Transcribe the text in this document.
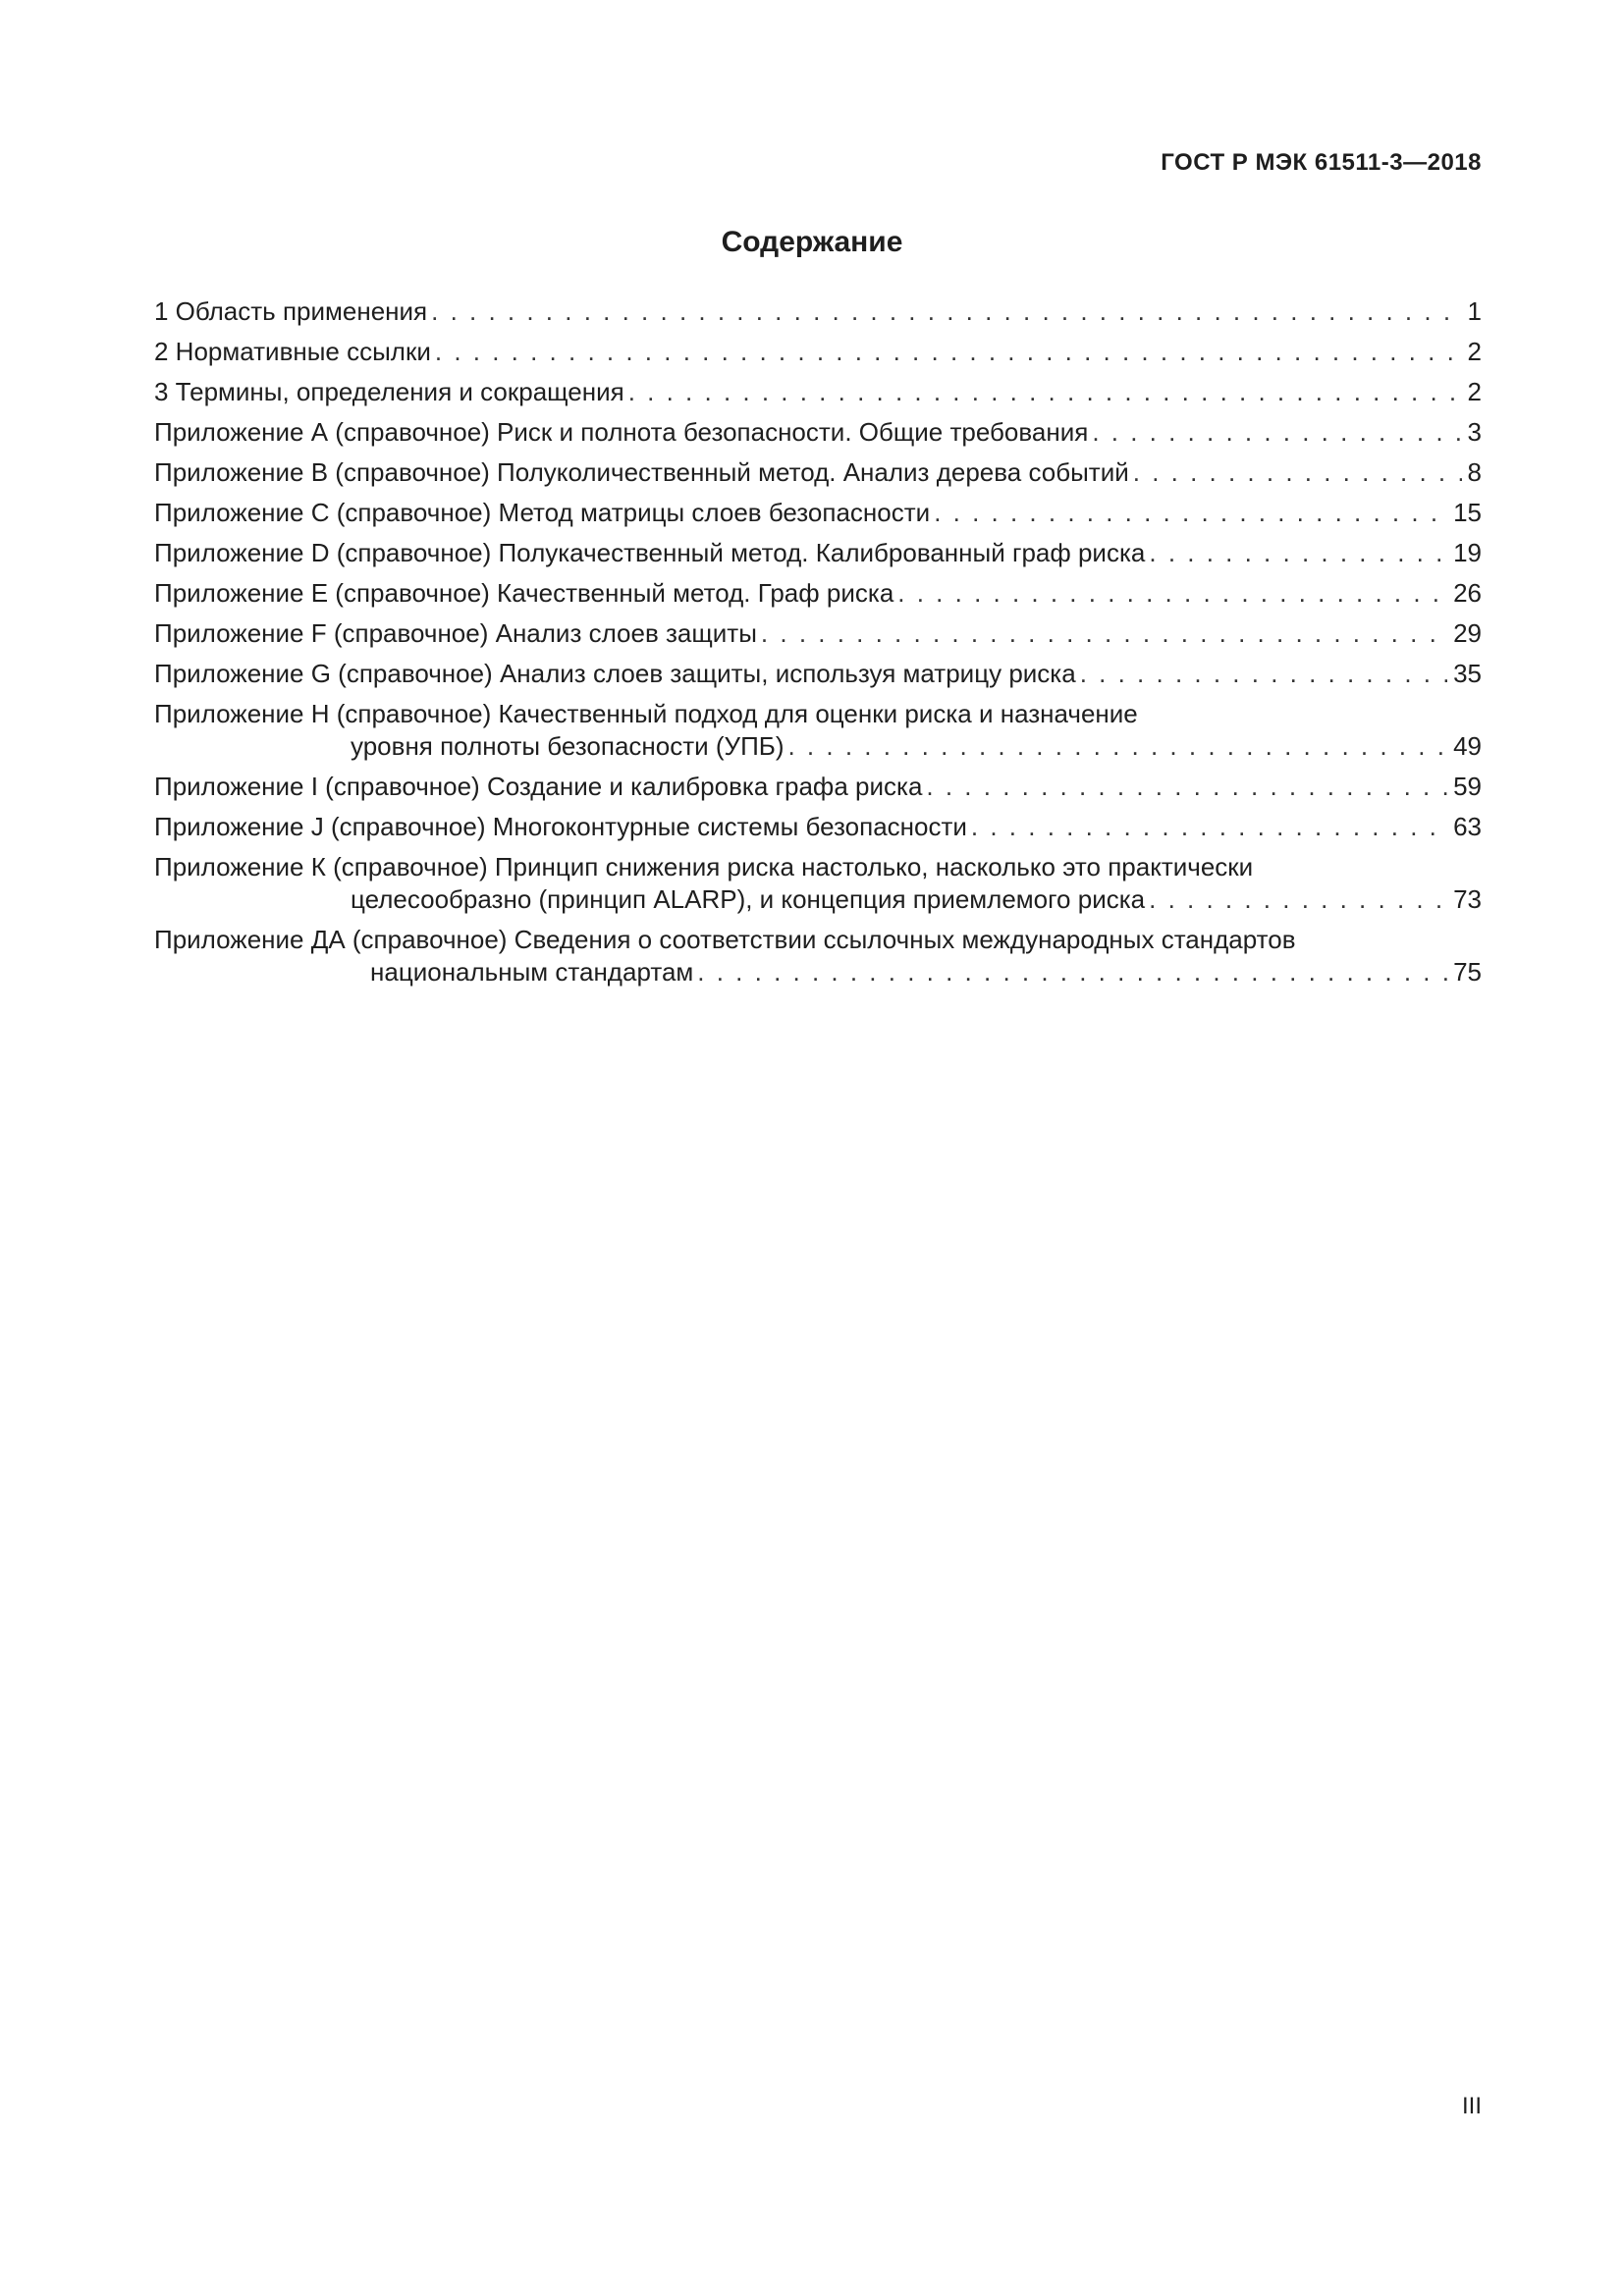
ГОСТ Р МЭК 61511-3—2018
Содержание
1 Область применения . . .	1
2 Нормативные ссылки . . .	2
3 Термины, определения и сокращения . . .	2
Приложение А (справочное) Риск и полнота безопасности. Общие требования . . .	3
Приложение В (справочное) Полуколичественный метод. Анализ дерева событий . . .	8
Приложение С (справочное) Метод матрицы слоев безопасности . . .	15
Приложение D (справочное) Полукачественный метод. Калиброванный граф риска . . .	19
Приложение Е (справочное) Качественный метод. Граф риска . . .	26
Приложение F (справочное) Анализ слоев защиты . . .	29
Приложение G (справочное) Анализ слоев защиты, используя матрицу риска . . .	35
Приложение Н (справочное) Качественный подход для оценки риска и назначение
уровня полноты безопасности (УПБ) . . .	49
Приложение I (справочное) Создание и калибровка графа риска . . .	59
Приложение J (справочное) Многоконтурные системы безопасности . . .	63
Приложение К (справочное) Принцип снижения риска настолько, насколько это практически
целесообразно (принцип ALARP), и концепция приемлемого риска . . .	73
Приложение ДА (справочное) Сведения о соответствии ссылочных международных стандартов
национальным стандартам . . .	75
III
